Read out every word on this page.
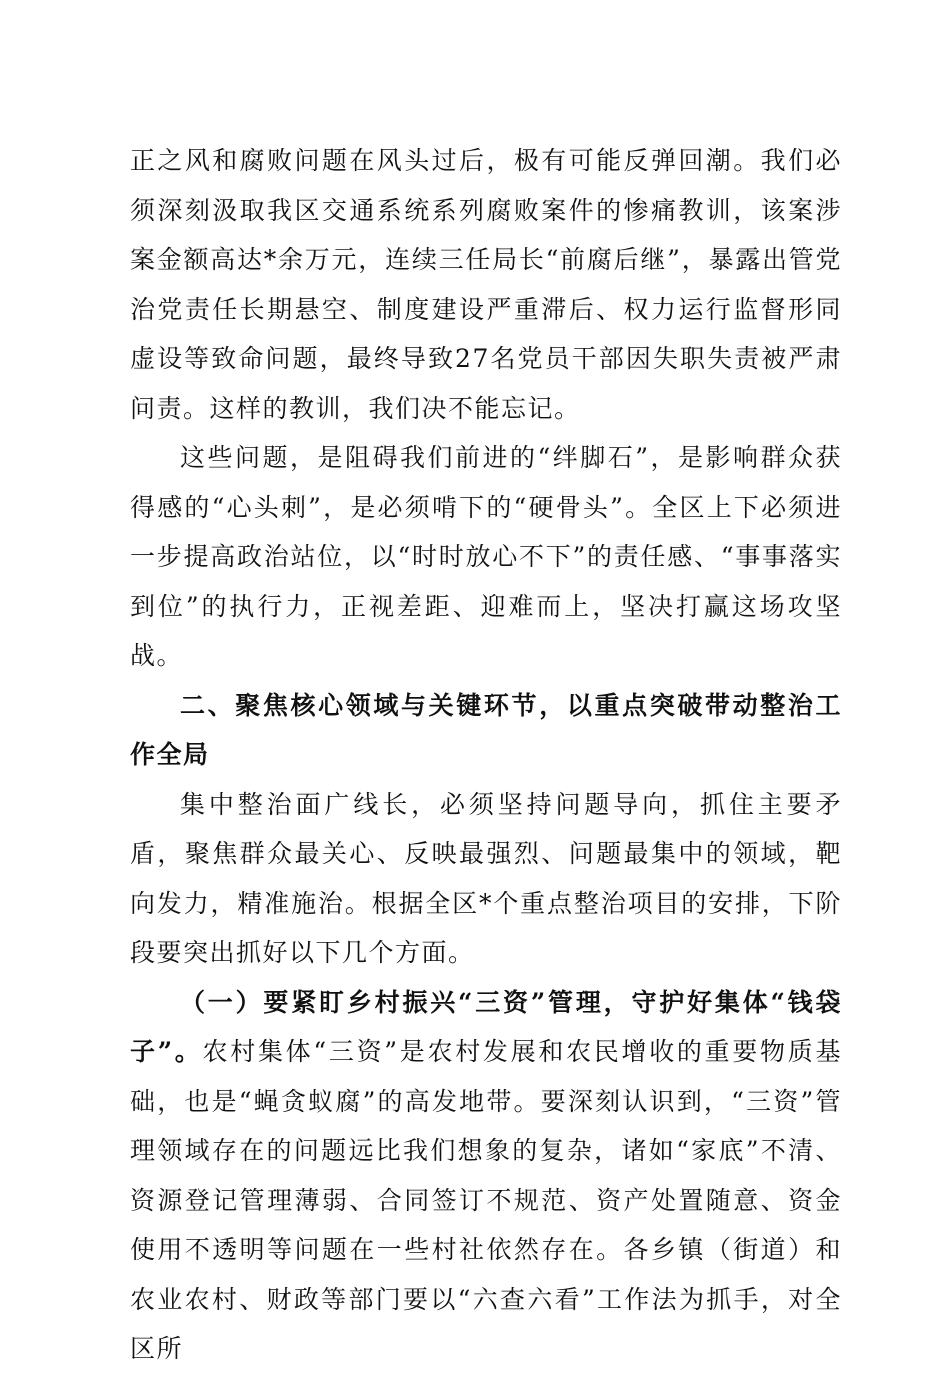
正之风和腐败问题在风头过后，极有可能反弹回潮。我们必须深刻汲取我区交通系统系列腐败案件的惨痛教训，该案涉案金额高达*余万元，连续三任局长“前腐后继”，暴露出管党治党责任长期悬空、制度建设严重滞后、权力运行监督形同虚设等致命问题，最终导致27名党员干部因失职失责被严肃问责。这样的教训，我们决不能忘记。

这些问题，是阻碍我们前进的“绊脚石”，是影响群众获得感的“心头刺”，是必须啃下的“硬骨头”。全区上下必须进一步提高政治站位，以“时时放心不下”的责任感、“事事落实到位”的执行力，正视差距、迎难而上，坚决打赢这场攻坚战。

二、聚焦核心领域与关键环节，以重点突破带动整治工作全局

集中整治面广线长，必须坚持问题导向，抓住主要矛盾，聚焦群众最关心、反映最强烈、问题最集中的领域，靶向发力，精准施治。根据全区*个重点整治项目的安排，下阶段要突出抓好以下几个方面。

（一）要紧盯乡村振兴“三资”管理，守护好集体“钱袋子”。农村集体“三资”是农村发展和农民增收的重要物质基础，也是“蝇贪蚁腐”的高发地带。要深刻认识到，“三资”管理领域存在的问题远比我们想象的复杂，诸如“家底”不清、资源登记管理薄弱、合同签订不规范、资产处置随意、资金使用不透明等问题在一些村社依然存在。各乡镇（街道）和农业农村、财政等部门要以“六查六看”工作法为抓手，对全区所
